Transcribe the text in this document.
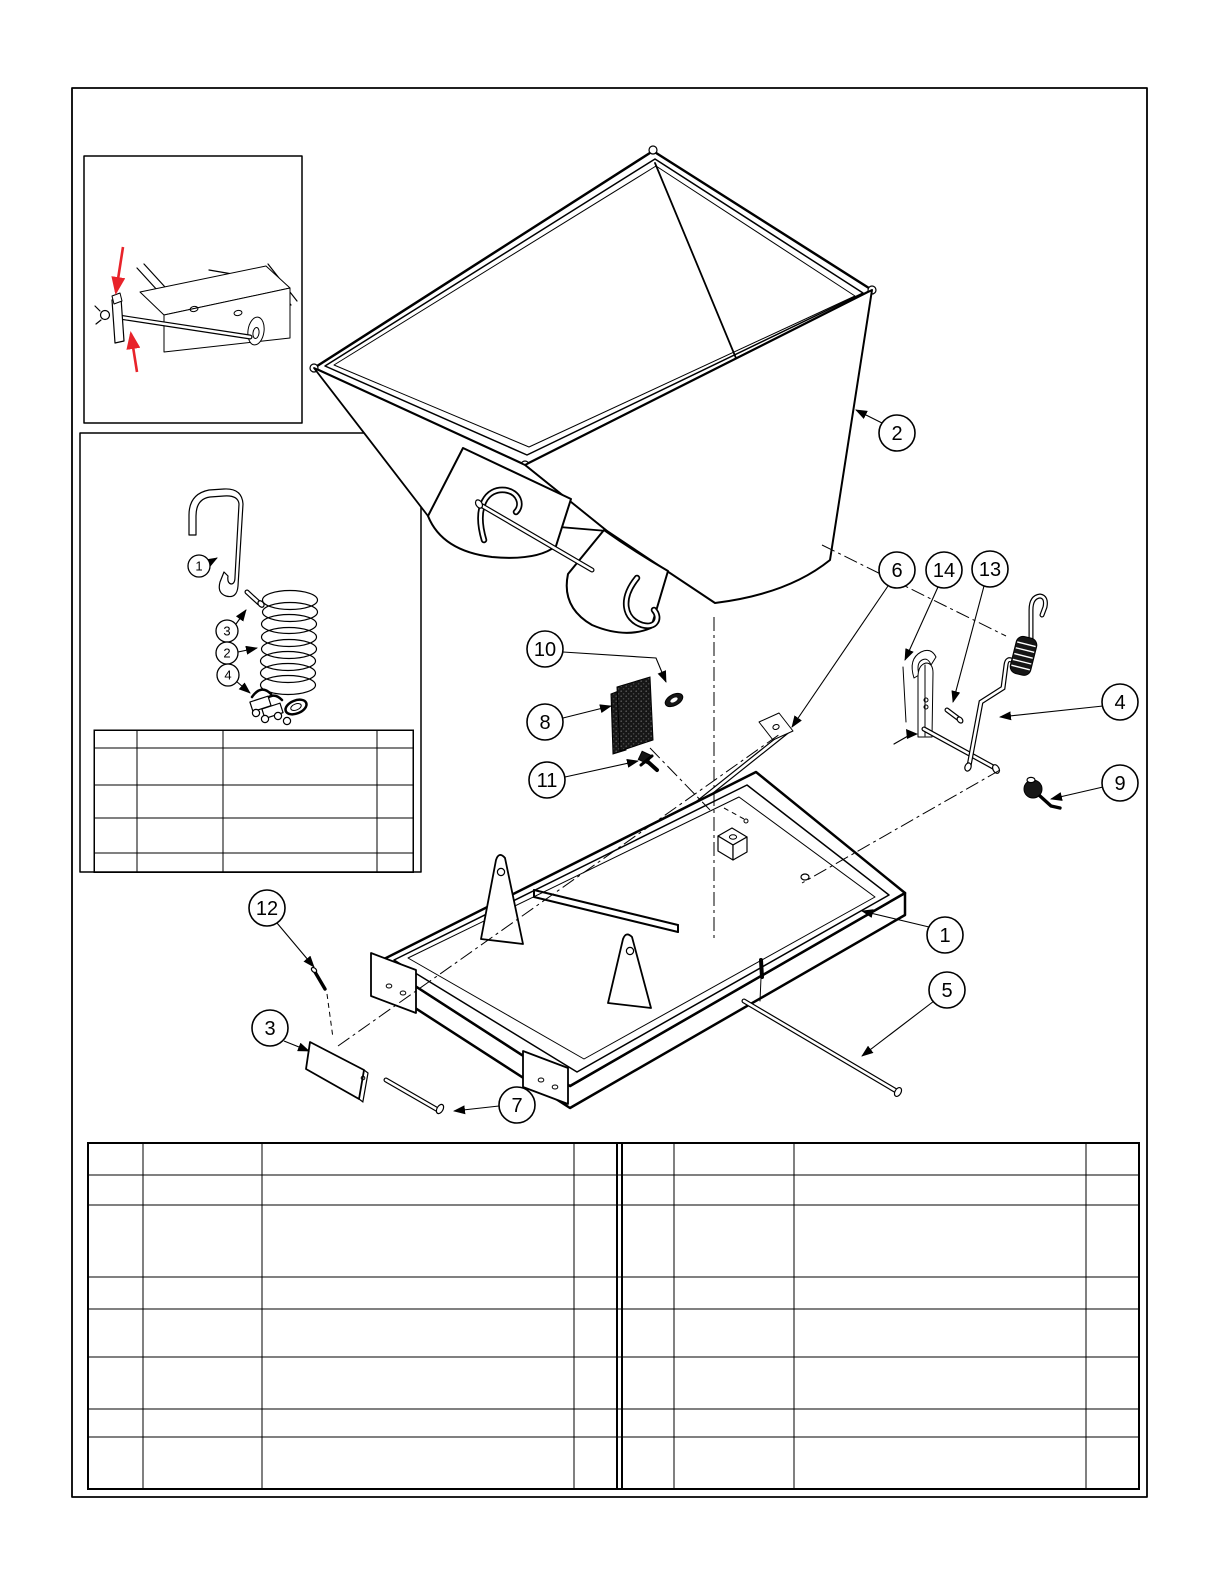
1
3
2
4
2
6 14 13
4
9
1
5
12
3
7
10
8
11
